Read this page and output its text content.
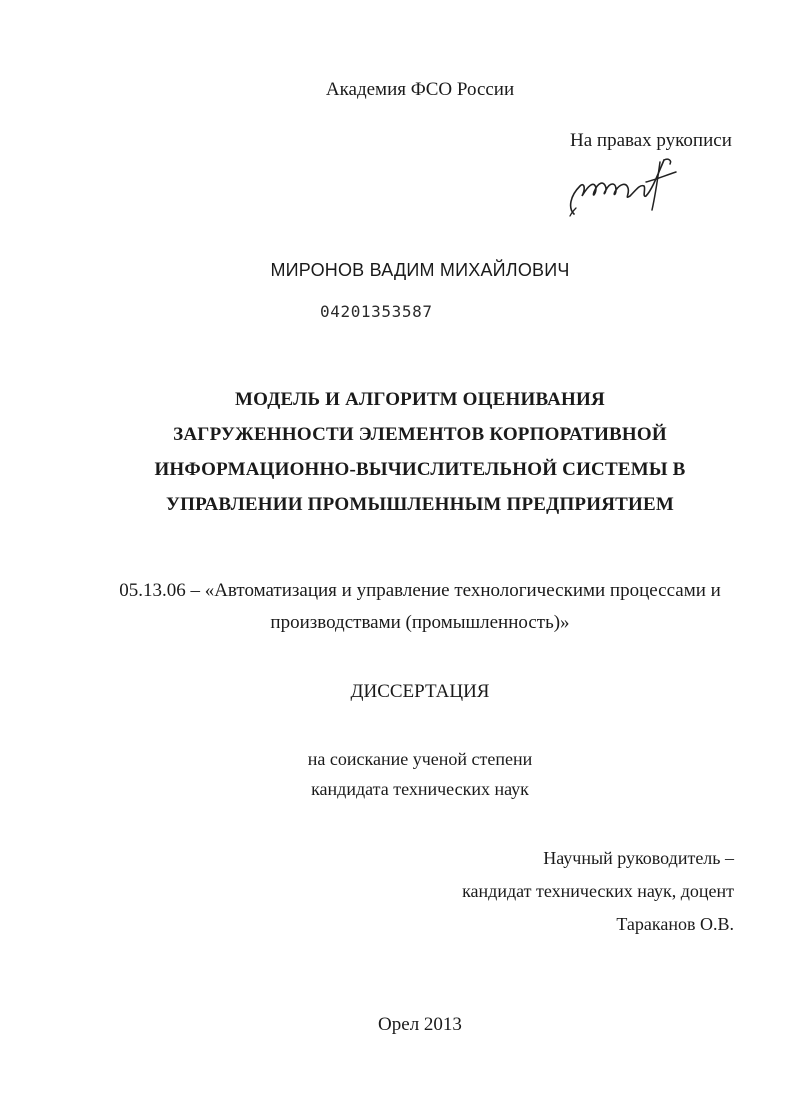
Академия ФСО России
На правах рукописи
МИРОНОВ ВАДИМ МИХАЙЛОВИЧ
04201353587
МОДЕЛЬ И АЛГОРИТМ ОЦЕНИВАНИЯ
ЗАГРУЖЕННОСТИ ЭЛЕМЕНТОВ КОРПОРАТИВНОЙ
ИНФОРМАЦИОННО-ВЫЧИСЛИТЕЛЬНОЙ СИСТЕМЫ В
УПРАВЛЕНИИ ПРОМЫШЛЕННЫМ ПРЕДПРИЯТИЕМ
05.13.06 – «Автоматизация и управление технологическими процессами и
производствами (промышленность)»
ДИССЕРТАЦИЯ
на соискание ученой степени
кандидата технических наук
Научный руководитель –
кандидат технических наук, доцент
Тараканов О.В.
Орел 2013
